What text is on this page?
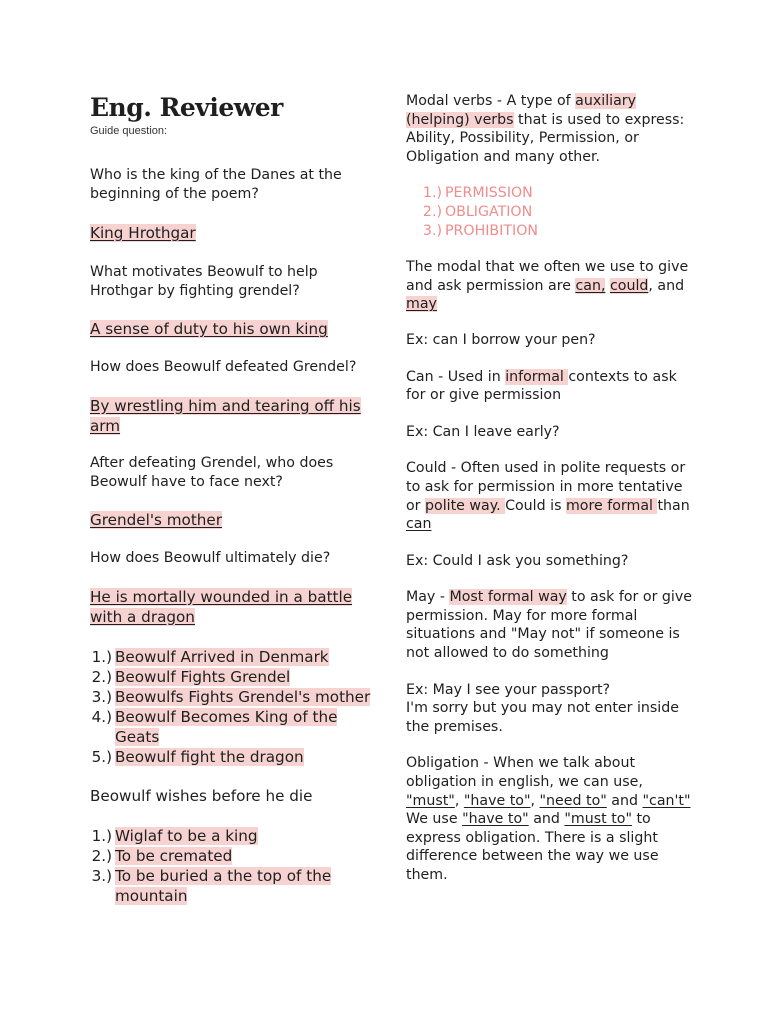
Eng. Reviewer
Guide question:

Who is the king of the Danes at the beginning of the poem?

King Hrothgar

What motivates Beowulf to help Hrothgar by fighting grendel?

A sense of duty to his own king

How does Beowulf defeated Grendel?

By wrestling him and tearing off his arm

After defeating Grendel, who does Beowulf have to face next?

Grendel's mother

How does Beowulf ultimately die?

He is mortally wounded in a battle with a dragon

1.) Beowulf Arrived in Denmark
2.) Beowulf Fights Grendel
3.) Beowulfs Fights Grendel's mother
4.) Beowulf Becomes King of the Geats
5.) Beowulf fight the dragon

Beowulf wishes before he die

1.) Wiglaf to be a king
2.) To be cremated
3.) To be buried a the top of the mountain

Modal verbs - A type of auxiliary (helping) verbs that is used to express: Ability, Possibility, Permission, or Obligation and many other.

1.) PERMISSION
2.) OBLIGATION
3.) PROHIBITION

The modal that we often we use to give and ask permission are can, could, and may

Ex: can I borrow your pen?

Can - Used in informal contexts to ask for or give permission

Ex: Can I leave early?

Could - Often used in polite requests or to ask for permission in more tentative or polite way. Could is more formal than can

Ex: Could I ask you something?

May - Most formal way to ask for or give permission. May for more formal situations and "May not" if someone is not allowed to do something

Ex: May I see your passport?

I'm sorry but you may not enter inside the premises.

Obligation - When we talk about obligation in english, we can use, "must", "have to", "need to" and "can't" We use "have to" and "must to" to express obligation. There is a slight difference between the way we use them.
